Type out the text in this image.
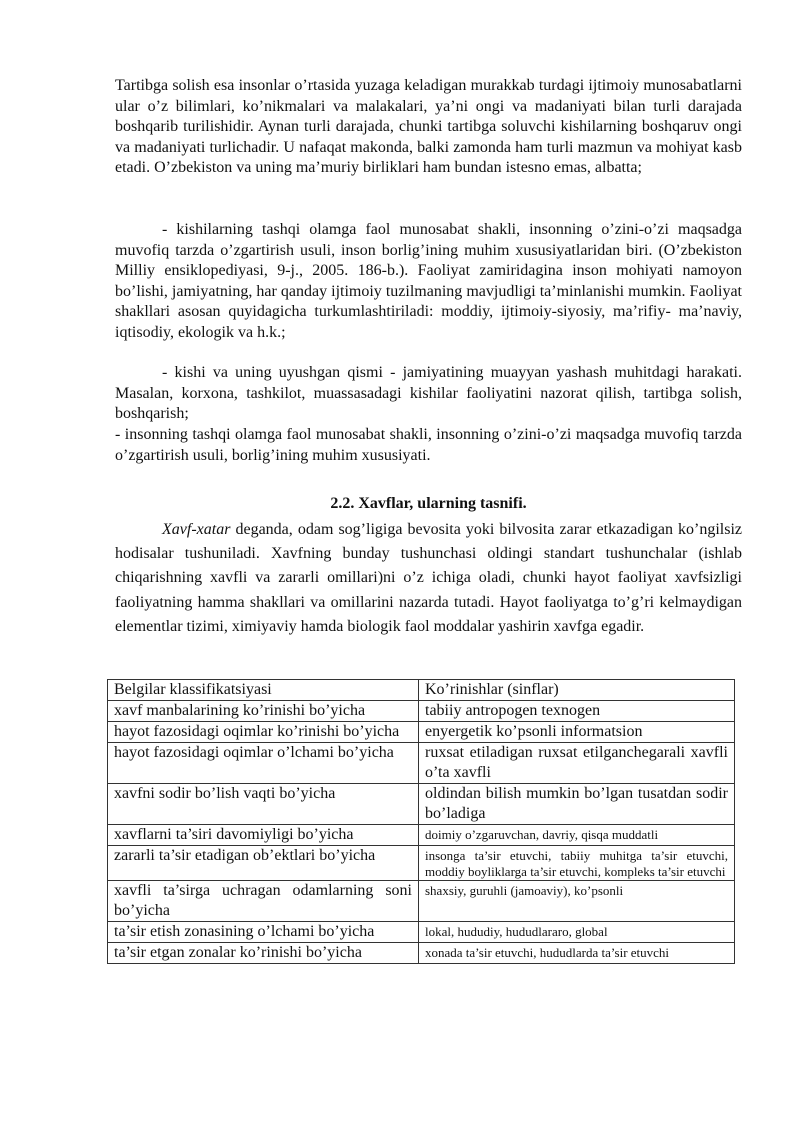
Tartibga solish esa insonlar o’rtasida yuzaga keladigan murakkab turdagi ijtimoiy munosabatlarni ular o’z bilimlari, ko’nikmalari va malakalari, ya’ni ongi va madaniyati bilan turli darajada boshqarib turilishidir. Aynan turli darajada, chunki tartibga soluvchi kishilarning boshqaruv ongi va madaniyati turlichadir. U nafaqat makonda, balki zamonda ham turli mazmun va mohiyat kasb etadi. O’zbekiston va uning ma’muriy birliklari ham bundan istesno emas, albatta;

- kishilarning tashqi olamga faol munosabat shakli, insonning o’zini-o’zi maqsadga muvofiq tarzda o’zgartirish usuli, inson borlig’ining muhim xususiyatlaridan biri. (O’zbekiston Milliy ensiklopediyasi, 9-j., 2005. 186-b.). Faoliyat zamiridagina inson mohiyati namoyon bo’lishi, jamiyatning, har qanday ijtimoiy tuzilmaning mavjudligi ta’minlanishi mumkin. Faoliyat shakllari asosan quyidagicha turkumlashtiriladi: moddiy, ijtimoiy-siyosiy, ma’rifiy- ma’naviy, iqtisodiy, ekologik va h.k.;

- kishi va uning uyushgan qismi - jamiyatining muayyan yashash muhitdagi harakati. Masalan, korxona, tashkilot, muassasadagi kishilar faoliyatini nazorat qilish, tartibga solish, boshqarish;

- insonning tashqi olamga faol munosabat shakli, insonning o’zini-o’zi maqsadga muvofiq tarzda o’zgartirish usuli, borlig’ining muhim xususiyati.

2.2. Xavflar, ularning tasnifi.

Xavf-xatar deganda, odam sog’ligiga bevosita yoki bilvosita zarar etkazadigan ko’ngilsiz hodisalar tushuniladi. Xavfning bunday tushunchasi oldingi standart tushunchalar (ishlab chiqarishning xavfli va zararli omillari)ni o’z ichiga oladi, chunki hayot faoliyat xavfsizligi faoliyatning hamma shakllari va omillarini nazarda tutadi. Hayot faoliyatga to’g’ri kelmaydigan elementlar tizimi, ximiyaviy hamda biologik faol moddalar yashirin xavfga egadir.

Belgilar klassifikatsiyasi	Ko’rinishlar (sinflar)
xavf manbalarining ko’rinishi bo’yicha	tabiiy antropogen texnogen
hayot fazosidagi oqimlar ko’rinishi bo’yicha	enyergetik ko’psonli informatsion
hayot fazosidagi oqimlar o’lchami bo’yicha	ruxsat etiladigan ruxsat etilganchegarali xavfli o’ta xavfli
xavfni sodir bo’lish vaqti bo’yicha	oldindan bilish mumkin bo’lgan tusatdan sodir bo’ladiga
xavflarni ta’siri davomiyligi bo’yicha	doimiy o’zgaruvchan, davriy, qisqa muddatli
zararli ta’sir etadigan ob’ektlari bo’yicha	insonga ta’sir etuvchi, tabiiy muhitga ta’sir etuvchi, moddiy boyliklarga ta’sir etuvchi, kompleks ta’sir etuvchi
xavfli ta’sirga uchragan odamlarning soni bo’yicha	shaxsiy, guruhli (jamoaviy), ko’psonli
ta’sir etish zonasining o’lchami bo’yicha	lokal, hududiy, hududlararo, global
ta’sir etgan zonalar ko’rinishi bo’yicha	xonada ta’sir etuvchi, hududlarda ta’sir etuvchi
